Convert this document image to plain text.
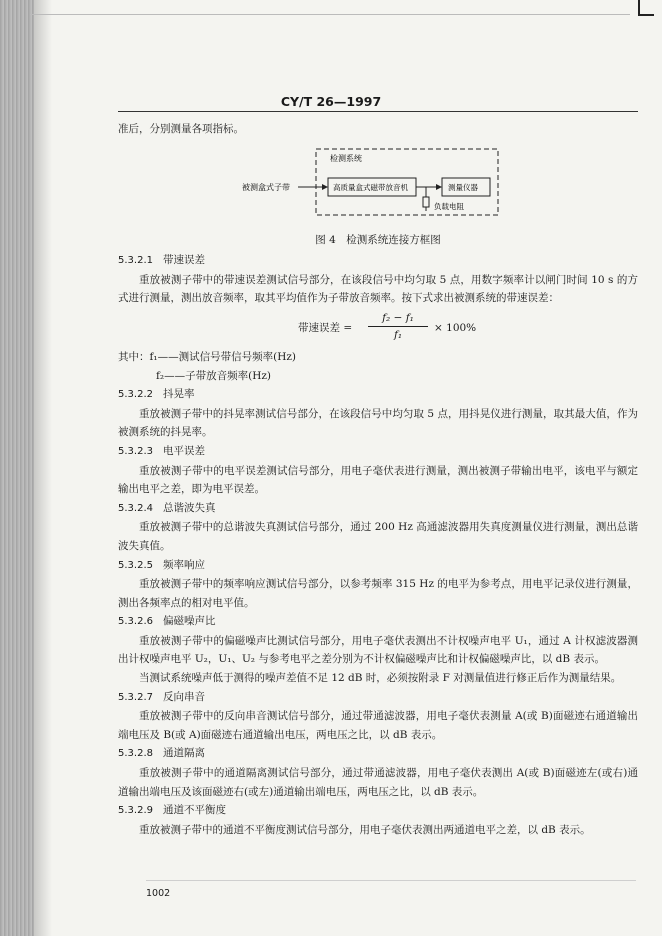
CY/T 26—1997

准后，分别测量各项指标。

检测系统
被测盒式子带	高质量盒式磁带放音机	测量仪器
负载电阻

图 4　检测系统连接方框图

5.3.2.1 带速误差

重放被测子带中的带速误差测试信号部分，在该段信号中均匀取 5 点，用数字频率计以闸门时间 10 s 的方式进行测量，测出放音频率，取其平均值作为子带放音频率。按下式求出被测系统的带速误差：

带速误差 = $\frac{\text{f₂ − f₁}}{\text{f₁}} \times 100\%$

其中：f₁——测试信号带信号频率(Hz)

f₂——子带放音频率(Hz)

5.3.2.2 抖晃率

重放被测子带中的抖晃率测试信号部分，在该段信号中均匀取 5 点，用抖晃仪进行测量，取其最大值，作为被测系统的抖晃率。

5.3.2.3 电平误差

重放被测子带中的电平误差测试信号部分，用电子毫伏表进行测量，测出被测子带输出电平，该电平与额定输出电平之差，即为电平误差。

5.3.2.4 总谐波失真

重放被测子带中的总谐波失真测试信号部分，通过 200 Hz 高通滤波器用失真度测量仪进行测量，测出总谐波失真值。

5.3.2.5 频率响应

重放被测子带中的频率响应测试信号部分，以参考频率 315 Hz 的电平为参考点，用电平记录仪进行测量，测出各频率点的相对电平值。

5.3.2.6 偏磁噪声比

重放被测子带中的偏磁噪声比测试信号部分，用电子毫伏表测出不计权噪声电平 U₁，通过 A 计权滤波器测出计权噪声电平 U₂，U₁、U₂ 与参考电平之差分别为不计权偏磁噪声比和计权偏磁噪声比，以 dB 表示。

当测试系统噪声低于测得的噪声差值不足 12 dB 时，必须按附录 F 对测量值进行修正后作为测量结果。

5.3.2.7 反向串音

重放被测子带中的反向串音测试信号部分，通过带通滤波器，用电子毫伏表测量 A(或 B)面磁迹右通道输出端电压及 B(或 A)面磁迹右通道输出电压，两电压之比，以 dB 表示。

5.3.2.8 通道隔离

重放被测子带中的通道隔离测试信号部分，通过带通滤波器，用电子毫伏表测出 A(或 B)面磁迹左(或右)通道输出端电压及该面磁迹右(或左)通道输出端电压，两电压之比，以 dB 表示。

5.3.2.9 通道不平衡度

重放被测子带中的通道不平衡度测试信号部分，用电子毫伏表测出两通道电平之差，以 dB 表示。

1002
